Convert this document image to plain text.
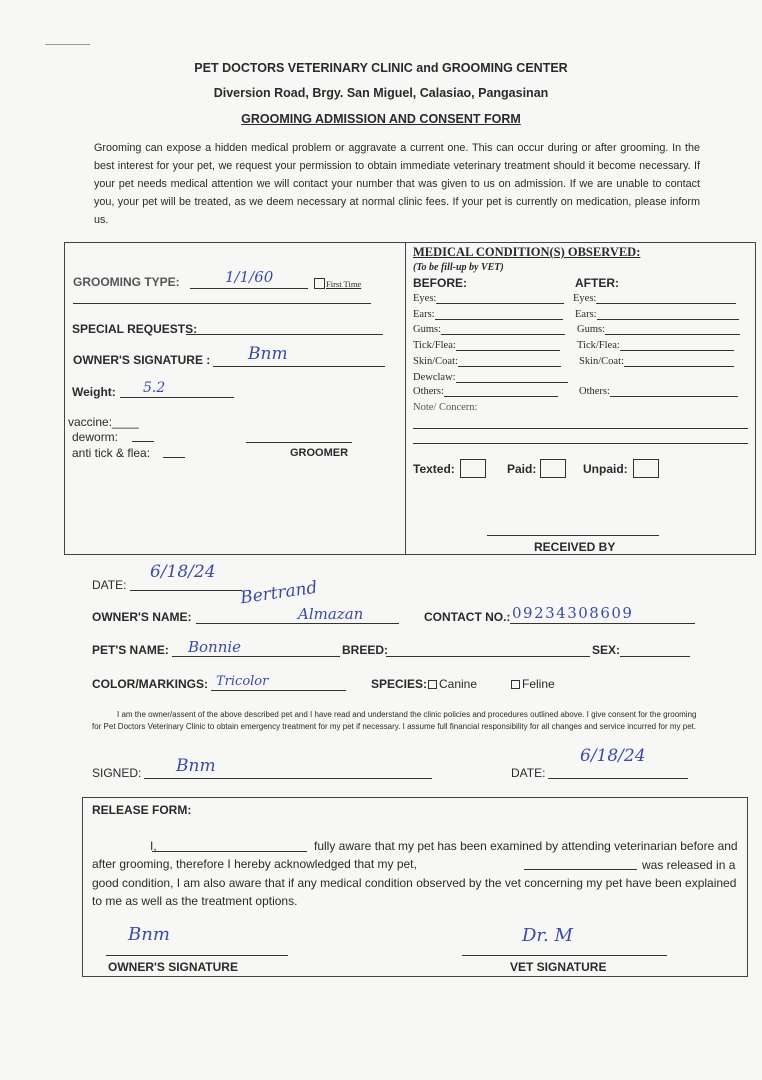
PET DOCTORS VETERINARY CLINIC and GROOMING CENTER
Diversion Road, Brgy. San Miguel, Calasiao, Pangasinan
GROOMING ADMISSION AND CONSENT FORM
Grooming can expose a hidden medical problem or aggravate a current one. This can occur during or after grooming. In the best interest for your pet, we request your permission to obtain immediate veterinary treatment should it become necessary. If your pet needs medical attention we will contact your number that was given to us on admission. If we are unable to contact you, your pet will be treated, as we deem necessary at normal clinic fees. If your pet is currently on medication, please inform us.
GROOMING TYPE:	1/1/60	First Time
SPECIAL REQUESTS:
OWNER'S SIGNATURE : Bnm
Weight: 5.2
vaccine:____
deworm:
anti tick & flea:	GROOMER
MEDICAL CONDITION(S) OBSERVED:
(To be fill-up by VET)
BEFORE:	AFTER:
Eyes:	Eyes:
Ears:	Ears:
Gums:	Gums:
Tick/Flea:	Tick/Flea:
Skin/Coat:	Skin/Coat:
Dewclaw:
Others:	Others:
Note/ Concern:
Texted:	Paid:	Unpaid:
RECEIVED BY
DATE:
6/18/24
Bertrand
OWNER'S NAME:	Almazan	CONTACT NO.: 09234308609
PET'S NAME: Bonnie	BREED:	SEX:
COLOR/MARKINGS: Tricolor	SPECIES: Canine	Feline
I am the owner/assent of the above described pet and I have read and understand the clinic policies and procedures outlined above. I give consent for the grooming for Pet Doctors Veterinary Clinic to obtain emergency treatment for my pet if necessary. I assume full financial responsibility for all changes and service incurred for my pet.
SIGNED: Bnm	DATE:
6/18/24
RELEASE FORM:
I,	fully aware that my pet has been examined by attending veterinarian before and after grooming, therefore I hereby acknowledged that my pet,	was released in a good condition, I am also aware that if any medical condition observed by the vet concerning my pet have been explained to me as well as the treatment options.
Bnm
OWNER'S SIGNATURE
Dr. M
VET SIGNATURE
